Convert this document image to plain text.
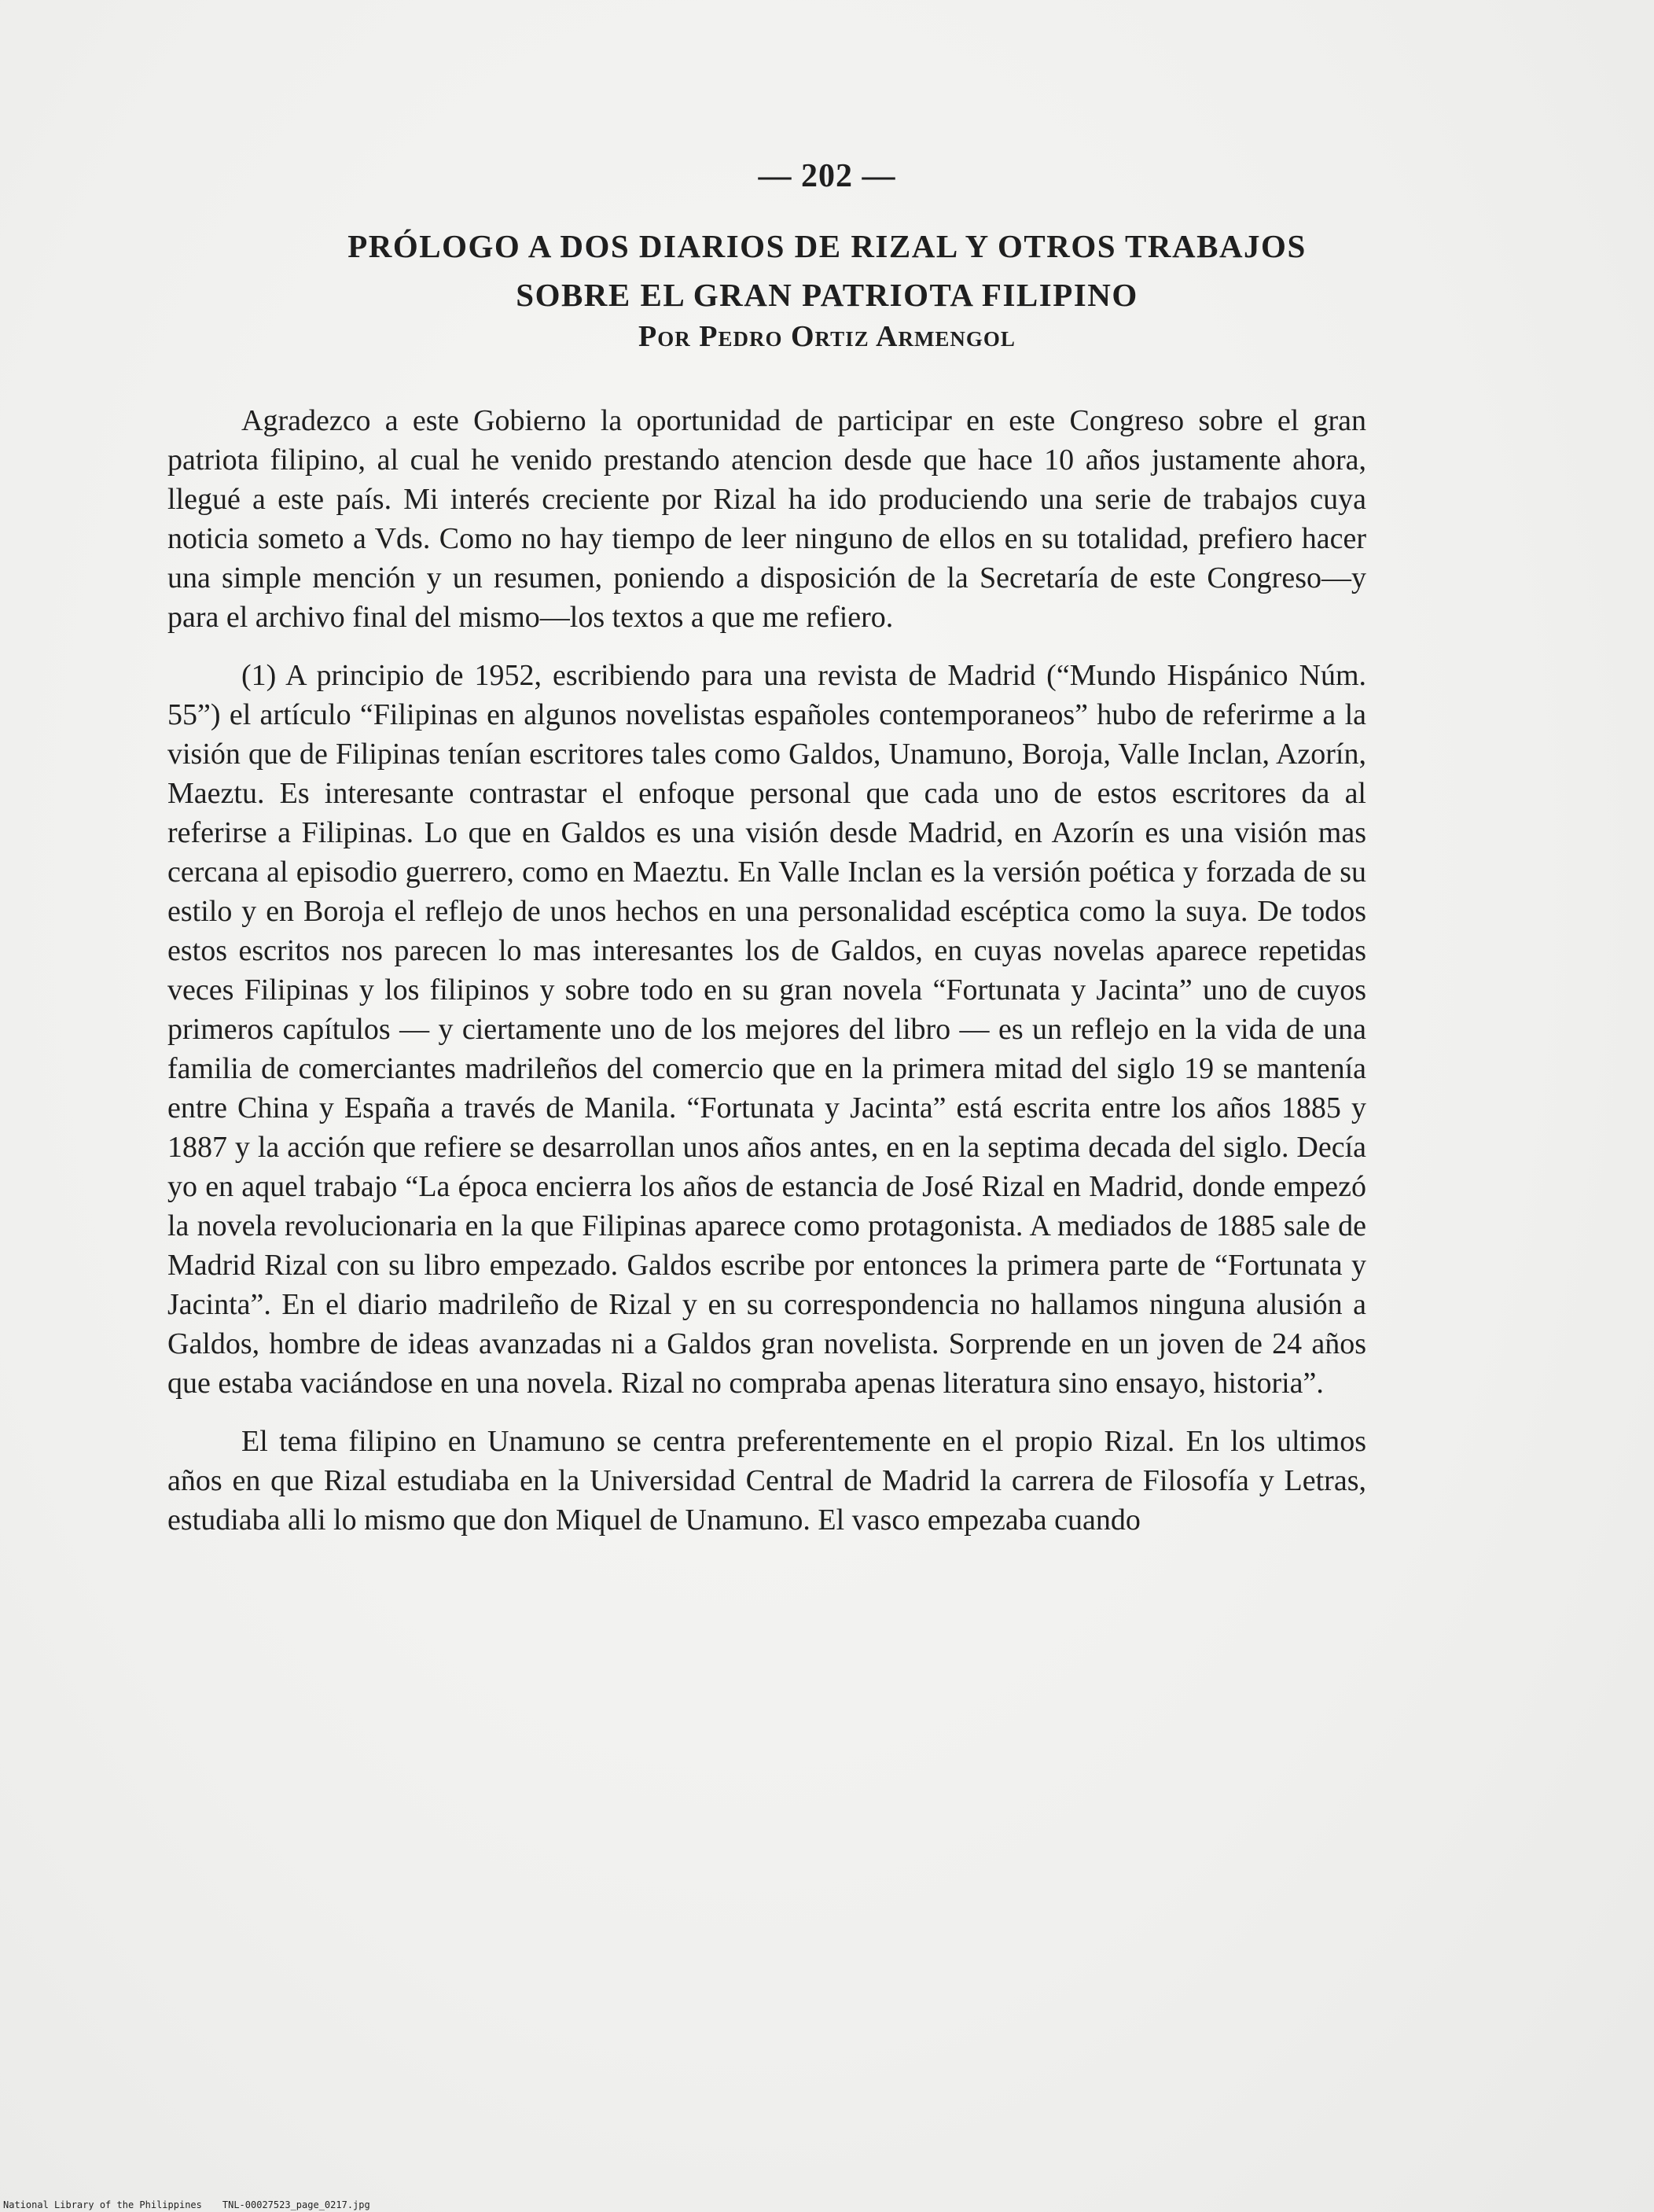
— 202 —
PRÓLOGO A DOS DIARIOS DE RIZAL Y OTROS TRABAJOS
SOBRE EL GRAN PATRIOTA FILIPINO
Por Pedro Ortiz Armengol

Agradezco a este Gobierno la oportunidad de participar en este Congreso sobre el gran patriota filipino, al cual he venido prestando atencion desde que hace 10 años justamente ahora, llegué a este país. Mi interés creciente por Rizal ha ido produciendo una serie de trabajos cuya noticia someto a Vds. Como no hay tiempo de leer ninguno de ellos en su totalidad, prefiero hacer una simple mención y un resumen, poniendo a disposición de la Secretaría de este Congreso—y para el archivo final del mismo—los textos a que me refiero.

(1) A principio de 1952, escribiendo para una revista de Madrid (“Mundo Hispánico Núm. 55”) el artículo “Filipinas en algunos novelistas españoles contemporaneos” hubo de referirme a la visión que de Filipinas tenían escritores tales como Galdos, Unamuno, Boroja, Valle Inclan, Azorín, Maeztu. Es interesante contrastar el enfoque personal que cada uno de estos escritores da al referirse a Filipinas. Lo que en Galdos es una visión desde Madrid, en Azorín es una visión mas cercana al episodio guerrero, como en Maeztu. En Valle Inclan es la versión poética y forzada de su estilo y en Boroja el reflejo de unos hechos en una personalidad escéptica como la suya. De todos estos escritos nos parecen lo mas interesantes los de Galdos, en cuyas novelas aparece repetidas veces Filipinas y los filipinos y sobre todo en su gran novela “Fortunata y Jacinta” uno de cuyos primeros capítulos — y ciertamente uno de los mejores del libro — es un reflejo en la vida de una familia de comerciantes madrileños del comercio que en la primera mitad del siglo 19 se mantenía entre China y España a través de Manila. “Fortunata y Jacinta” está escrita entre los años 1885 y 1887 y la acción que refiere se desarrollan unos años antes, en en la septima decada del siglo. Decía yo en aquel trabajo “La época encierra los años de estancia de José Rizal en Madrid, donde empezó la novela revolucionaria en la que Filipinas aparece como protagonista. A mediados de 1885 sale de Madrid Rizal con su libro empezado. Galdos escribe por entonces la primera parte de “Fortunata y Jacinta”. En el diario madrileño de Rizal y en su correspondencia no hallamos ninguna alusión a Galdos, hombre de ideas avanzadas ni a Galdos gran novelista. Sorprende en un joven de 24 años que estaba vaciándose en una novela. Rizal no compraba apenas literatura sino ensayo, historia”.

El tema filipino en Unamuno se centra preferentemente en el propio Rizal. En los ultimos años en que Rizal estudiaba en la Universidad Central de Madrid la carrera de Filosofía y Letras, estudiaba alli lo mismo que don Miquel de Unamuno. El vasco empezaba cuando

National Library of the Philippines TNL-00027523_page_0217.jpg
